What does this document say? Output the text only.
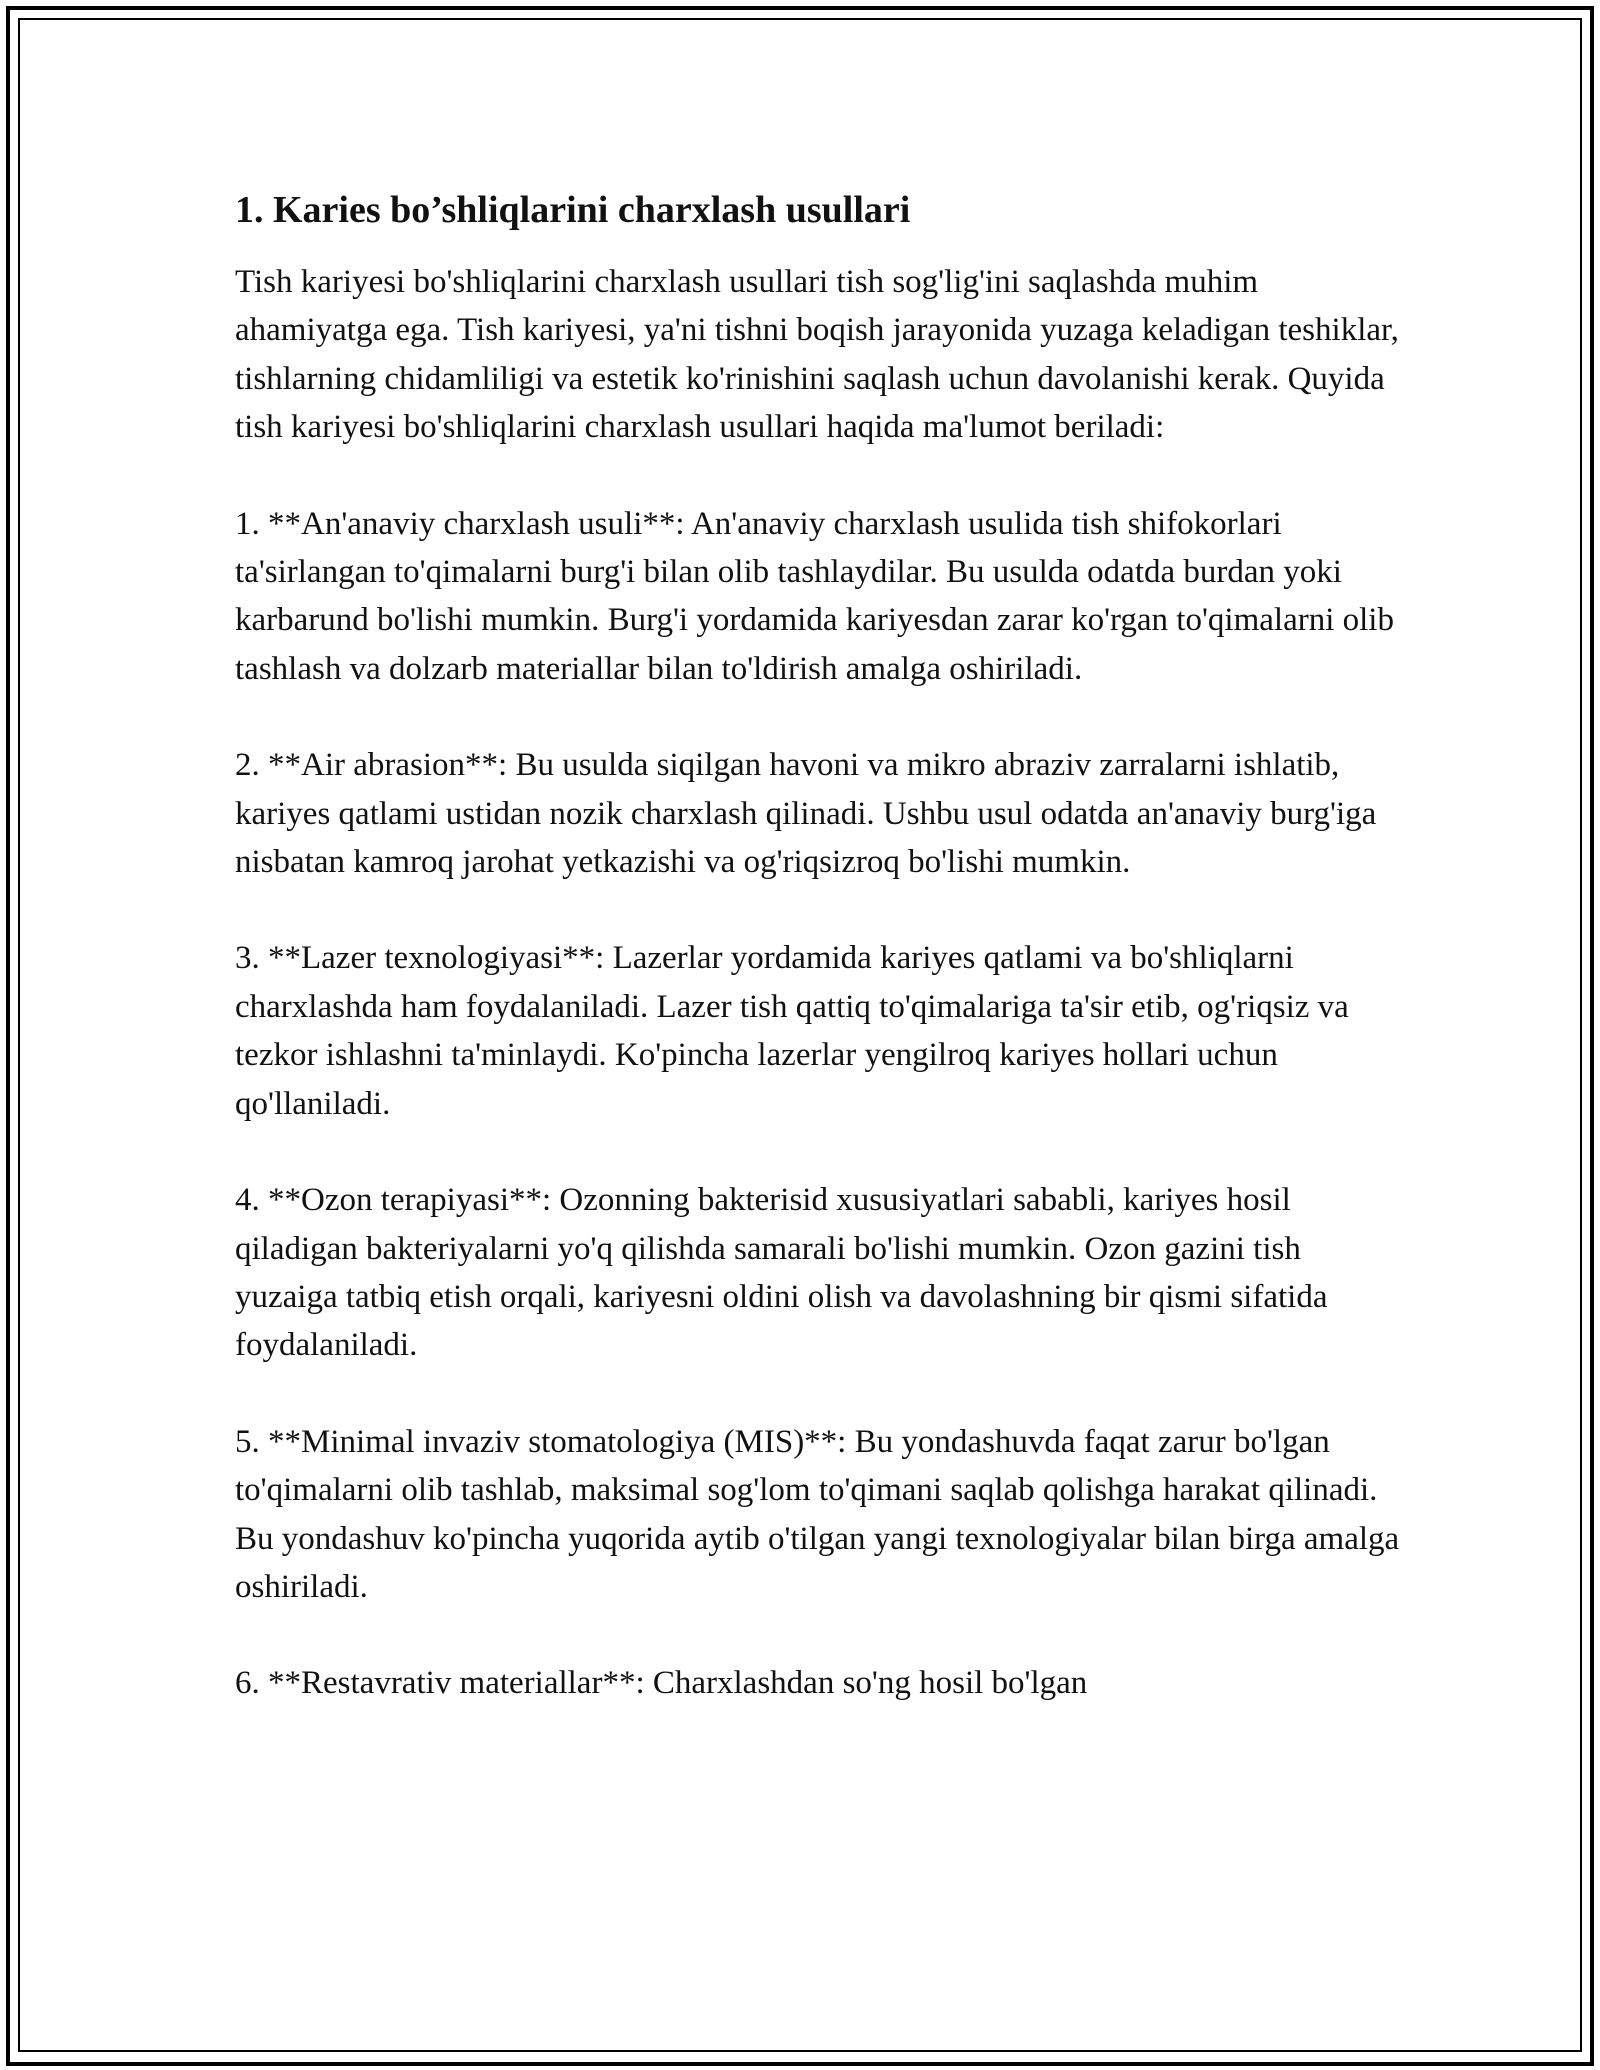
1. Karies bo’shliqlarini charxlash usullari

Tish kariyesi bo'shliqlarini charxlash usullari tish sog'lig'ini saqlashda muhim ahamiyatga ega. Tish kariyesi, ya'ni tishni boqish jarayonida yuzaga keladigan teshiklar, tishlarning chidamliligi va estetik ko'rinishini saqlash uchun davolanishi kerak. Quyida tish kariyesi bo'shliqlarini charxlash usullari haqida ma'lumot beriladi:

1. **An'anaviy charxlash usuli**: An'anaviy charxlash usulida tish shifokorlari ta'sirlangan to'qimalarni burg'i bilan olib tashlaydilar. Bu usulda odatda burdan yoki karbarund bo'lishi mumkin. Burg'i yordamida kariyesdan zarar ko'rgan to'qimalarni olib tashlash va dolzarb materiallar bilan to'ldirish amalga oshiriladi.

2. **Air abrasion**: Bu usulda siqilgan havoni va mikro abraziv zarralarni ishlatib, kariyes qatlami ustidan nozik charxlash qilinadi. Ushbu usul odatda an'anaviy burg'iga nisbatan kamroq jarohat yetkazishi va og'riqsizroq bo'lishi mumkin.

3. **Lazer texnologiyasi**: Lazerlar yordamida kariyes qatlami va bo'shliqlarni charxlashda ham foydalaniladi. Lazer tish qattiq to'qimalariga ta'sir etib, og'riqsiz va tezkor ishlashni ta'minlaydi. Ko'pincha lazerlar yengilroq kariyes hollari uchun qo'llaniladi.

4. **Ozon terapiyasi**: Ozonning bakterisid xususiyatlari sababli, kariyes hosil qiladigan bakteriyalarni yo'q qilishda samarali bo'lishi mumkin. Ozon gazini tish yuzaiga tatbiq etish orqali, kariyesni oldini olish va davolashning bir qismi sifatida foydalaniladi.

5. **Minimal invaziv stomatologiya (MIS)**: Bu yondashuvda faqat zarur bo'lgan to'qimalarni olib tashlab, maksimal sog'lom to'qimani saqlab qolishga harakat qilinadi. Bu yondashuv ko'pincha yuqorida aytib o'tilgan yangi texnologiyalar bilan birga amalga oshiriladi.

6. **Restavrativ materiallar**: Charxlashdan so'ng hosil bo'lgan
